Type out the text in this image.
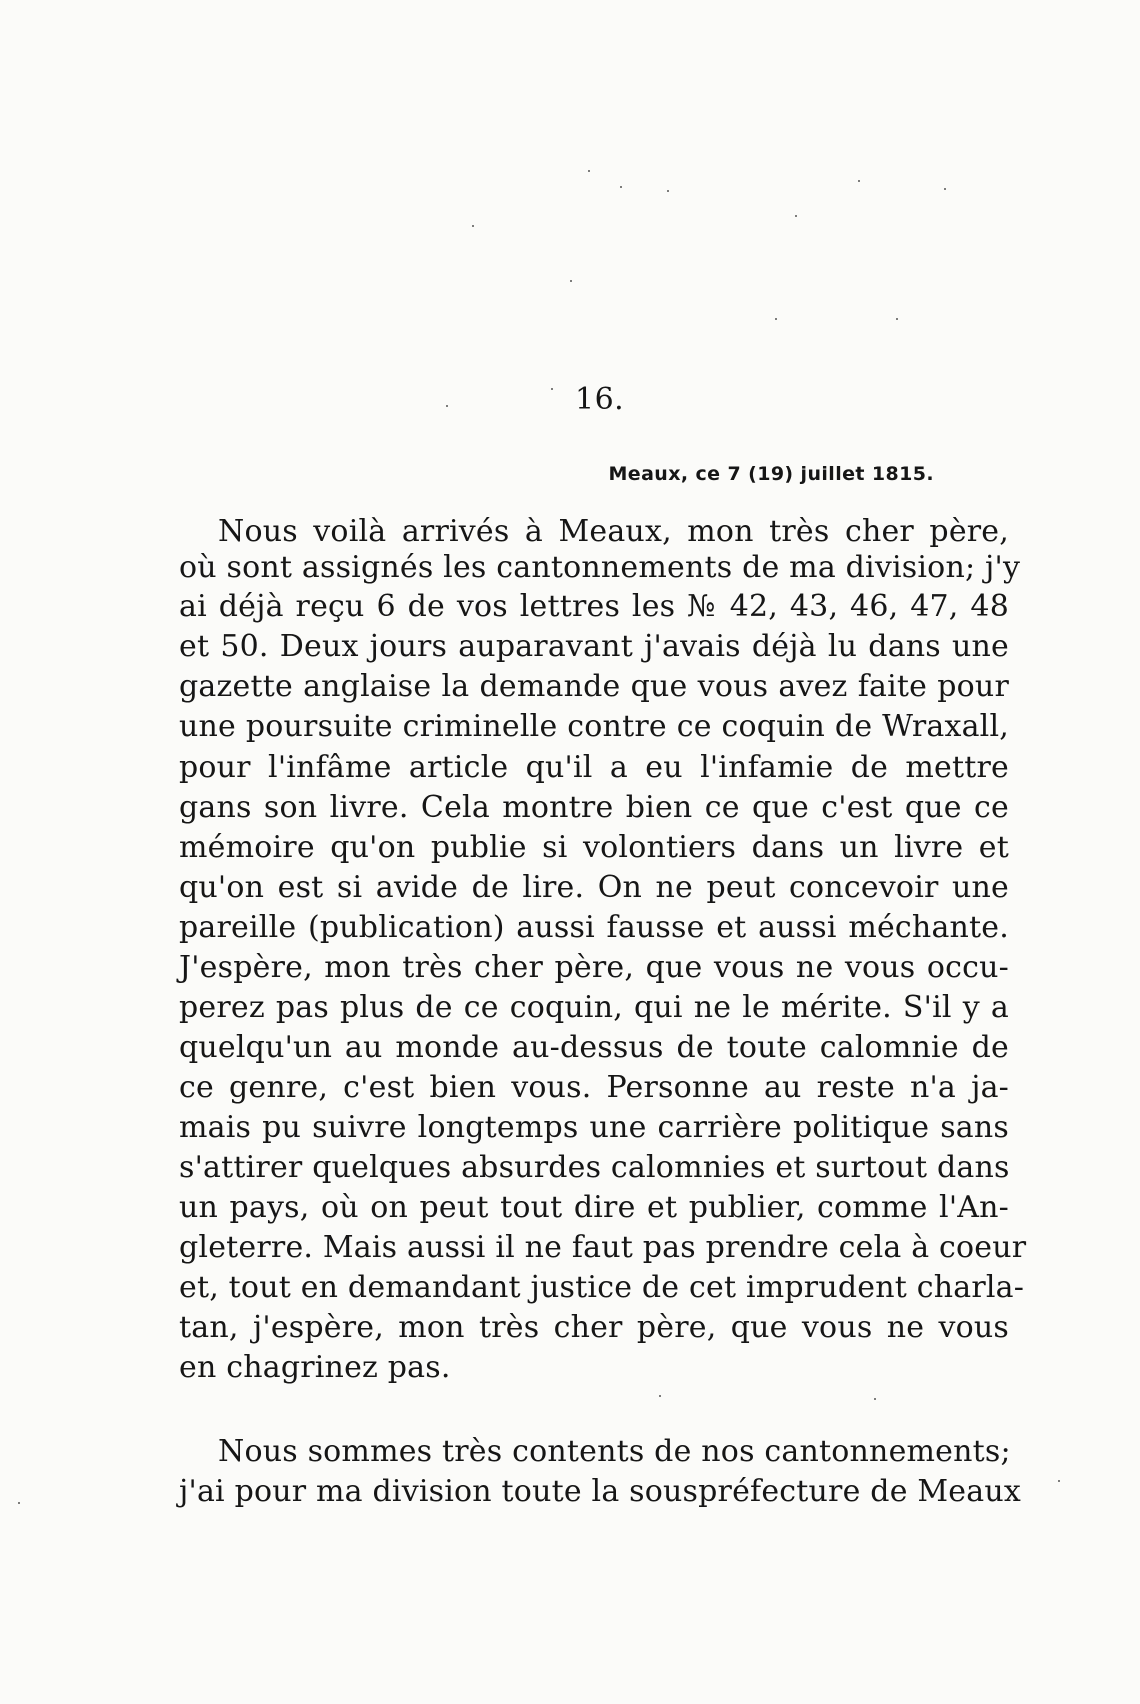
16.
Meaux, ce 7 (19) juillet 1815.

Nous voilà arrivés à Meaux, mon très cher père,

où sont assignés les cantonnements de ma division; j'y

ai déjà reçu 6 de vos lettres les № 42, 43, 46, 47, 48

et 50. Deux jours auparavant j'avais déjà lu dans une

gazette anglaise la demande que vous avez faite pour

une poursuite criminelle contre ce coquin de Wraxall,

pour l'infâme article qu'il a eu l'infamie de mettre

gans son livre. Cela montre bien ce que c'est que ce

mémoire qu'on publie si volontiers dans un livre et

qu'on est si avide de lire. On ne peut concevoir une

pareille (publication) aussi fausse et aussi méchante.

J'espère, mon très cher père, que vous ne vous occu-

perez pas plus de ce coquin, qui ne le mérite. S'il y a

quelqu'un au monde au-dessus de toute calomnie de

ce genre, c'est bien vous. Personne au reste n'a ja-

mais pu suivre longtemps une carrière politique sans

s'attirer quelques absurdes calomnies et surtout dans

un pays, où on peut tout dire et publier, comme l'An-

gleterre. Mais aussi il ne faut pas prendre cela à coeur

et, tout en demandant justice de cet imprudent charla-

tan, j'espère, mon très cher père, que vous ne vous

en chagrinez pas.

Nous sommes très contents de nos cantonnements;

j'ai pour ma division toute la souspréfecture de Meaux
